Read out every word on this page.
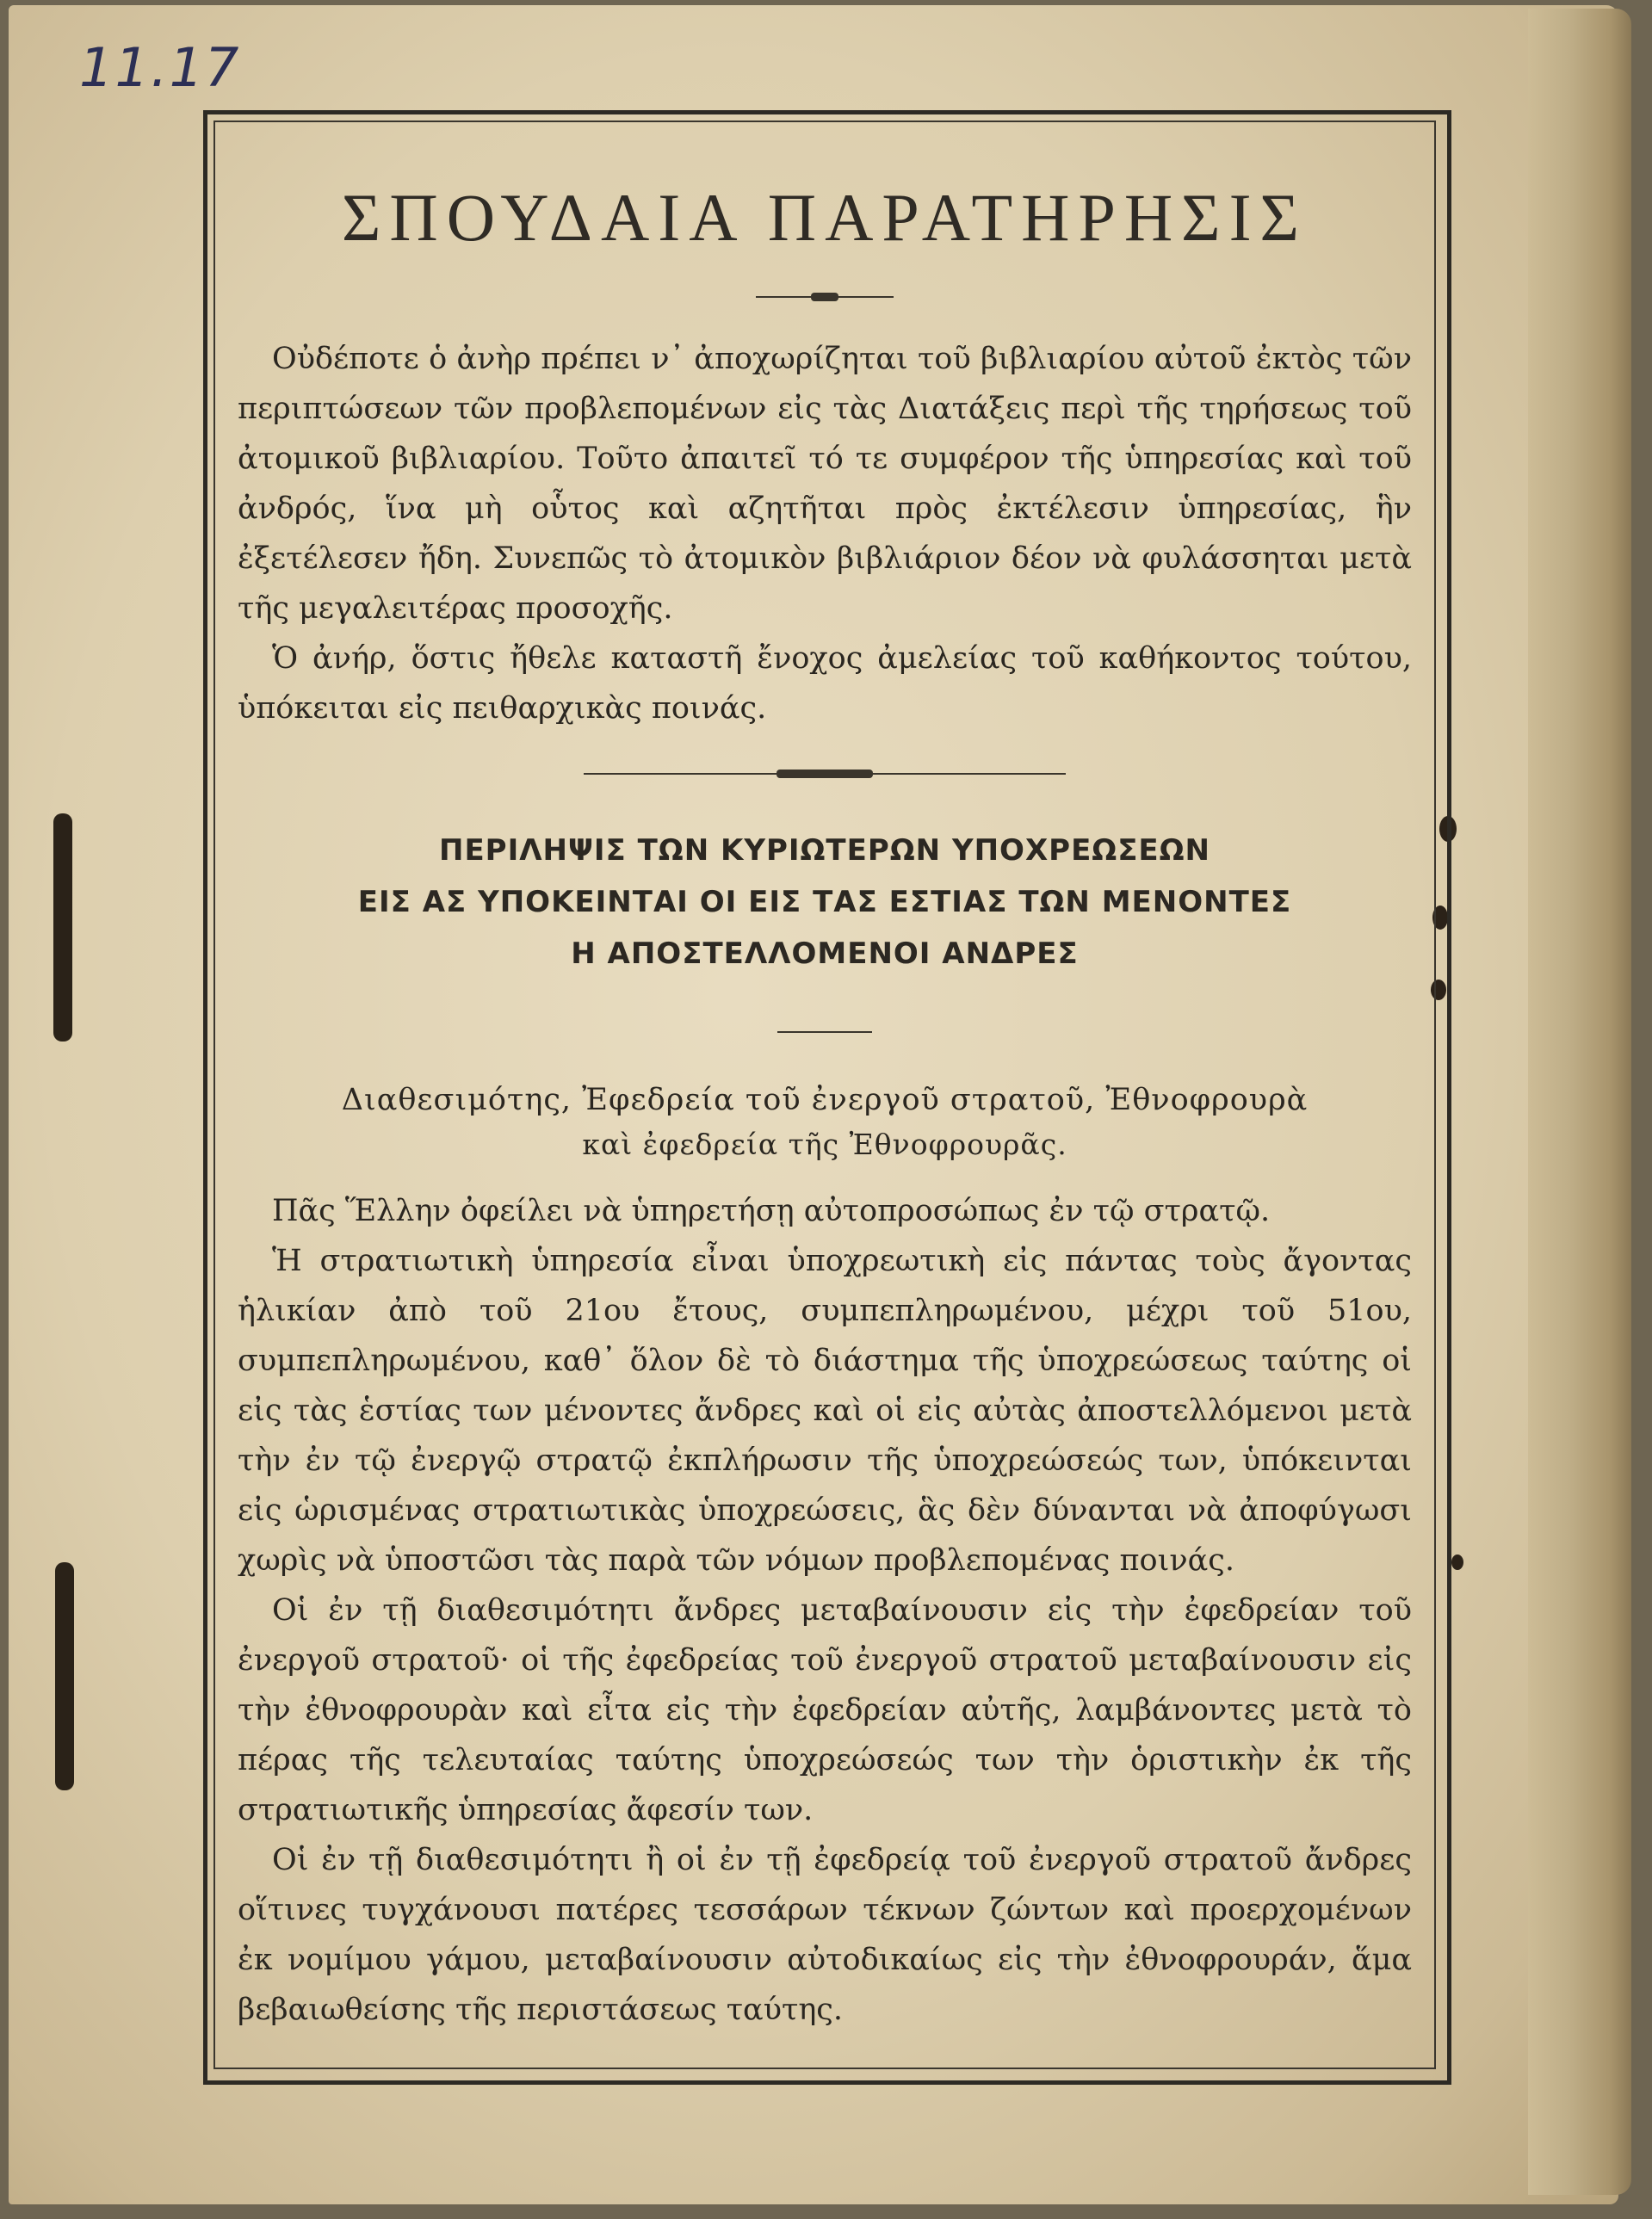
11.17
ΣΠΟΥΔΑΙΑ ΠΑΡΑΤΗΡΗΣΙΣ

Οὐδέποτε ὁ ἀνὴρ πρέπει ν᾽ ἀποχωρίζηται τοῦ βιβλιαρίου αὐτοῦ ἐκτὸς τῶν περιπτώσεων τῶν προβλεπομένων εἰς τὰς Διατάξεις περὶ τῆς τηρήσεως τοῦ ἀτομικοῦ βιβλιαρίου. Τοῦτο ἀπαιτεῖ τό τε συμφέρον τῆς ὑπηρεσίας καὶ τοῦ ἀνδρός, ἵνα μὴ οὗτος καὶ αζητῆται πρὸς ἐκτέλεσιν ὑπηρεσίας, ἣν ἐξετέλεσεν ἤδη. Συνεπῶς τὸ ἀτομικὸν βιβλιάριον δέον νὰ φυλάσσηται μετὰ τῆς μεγαλειτέρας προσοχῆς.

Ὁ ἀνήρ, ὅστις ἤθελε καταστῆ ἔνοχος ἀμελείας τοῦ καθήκοντος τούτου, ὑπόκειται εἰς πειθαρχικὰς ποινάς.

ΠΕΡΙΛΗΨΙΣ ΤΩΝ ΚΥΡΙΩΤΕΡΩΝ ΥΠΟΧΡΕΩΣΕΩΝ
ΕΙΣ ΑΣ ΥΠΟΚΕΙΝΤΑΙ ΟΙ ΕΙΣ ΤΑΣ ΕΣΤΙΑΣ ΤΩΝ ΜΕΝΟΝΤΕΣ
Η ΑΠΟΣΤΕΛΛΟΜΕΝΟΙ ΑΝΔΡΕΣ
Διαθεσιμότης, Ἐφεδρεία τοῦ ἐνεργοῦ στρατοῦ, Ἐθνοφρουρὰ
καὶ ἐφεδρεία τῆς Ἐθνοφρουρᾶς.

Πᾶς Ἕλλην ὀφείλει νὰ ὑπηρετήσῃ αὐτοπροσώπως ἐν τῷ στρατῷ.

Ἡ στρατιωτικὴ ὑπηρεσία εἶναι ὑποχρεωτικὴ εἰς πάντας τοὺς ἄγοντας ἡλικίαν ἀπὸ τοῦ 21ου ἔτους, συμπεπληρωμένου, μέχρι τοῦ 51ου, συμπεπληρωμένου, καθ᾽ ὅλον δὲ τὸ διάστημα τῆς ὑποχρεώσεως ταύτης οἱ εἰς τὰς ἑστίας των μένοντες ἄνδρες καὶ οἱ εἰς αὐτὰς ἀποστελλόμενοι μετὰ τὴν ἐν τῷ ἐνεργῷ στρατῷ ἐκπλήρωσιν τῆς ὑποχρεώσεώς των, ὑπόκεινται εἰς ὡρισμένας στρατιωτικὰς ὑποχρεώσεις, ἃς δὲν δύνανται νὰ ἀποφύγωσι χωρὶς νὰ ὑποστῶσι τὰς παρὰ τῶν νόμων προβλεπομένας ποινάς.

Οἱ ἐν τῇ διαθεσιμότητι ἄνδρες μεταβαίνουσιν εἰς τὴν ἐφεδρείαν τοῦ ἐνεργοῦ στρατοῦ· οἱ τῆς ἐφεδρείας τοῦ ἐνεργοῦ στρατοῦ μεταβαίνουσιν εἰς τὴν ἐθνοφρουρὰν καὶ εἶτα εἰς τὴν ἐφεδρείαν αὐτῆς, λαμβάνοντες μετὰ τὸ πέρας τῆς τελευταίας ταύτης ὑποχρεώσεώς των τὴν ὁριστικὴν ἐκ τῆς στρατιωτικῆς ὑπηρεσίας ἄφεσίν των.

Οἱ ἐν τῇ διαθεσιμότητι ἢ οἱ ἐν τῇ ἐφεδρείᾳ τοῦ ἐνεργοῦ στρατοῦ ἄνδρες οἵτινες τυγχάνουσι πατέρες τεσσάρων τέκνων ζώντων καὶ προερχομένων ἐκ νομίμου γάμου, μεταβαίνουσιν αὐτοδικαίως εἰς τὴν ἐθνοφρουράν, ἅμα βεβαιωθείσης τῆς περιστάσεως ταύτης.
